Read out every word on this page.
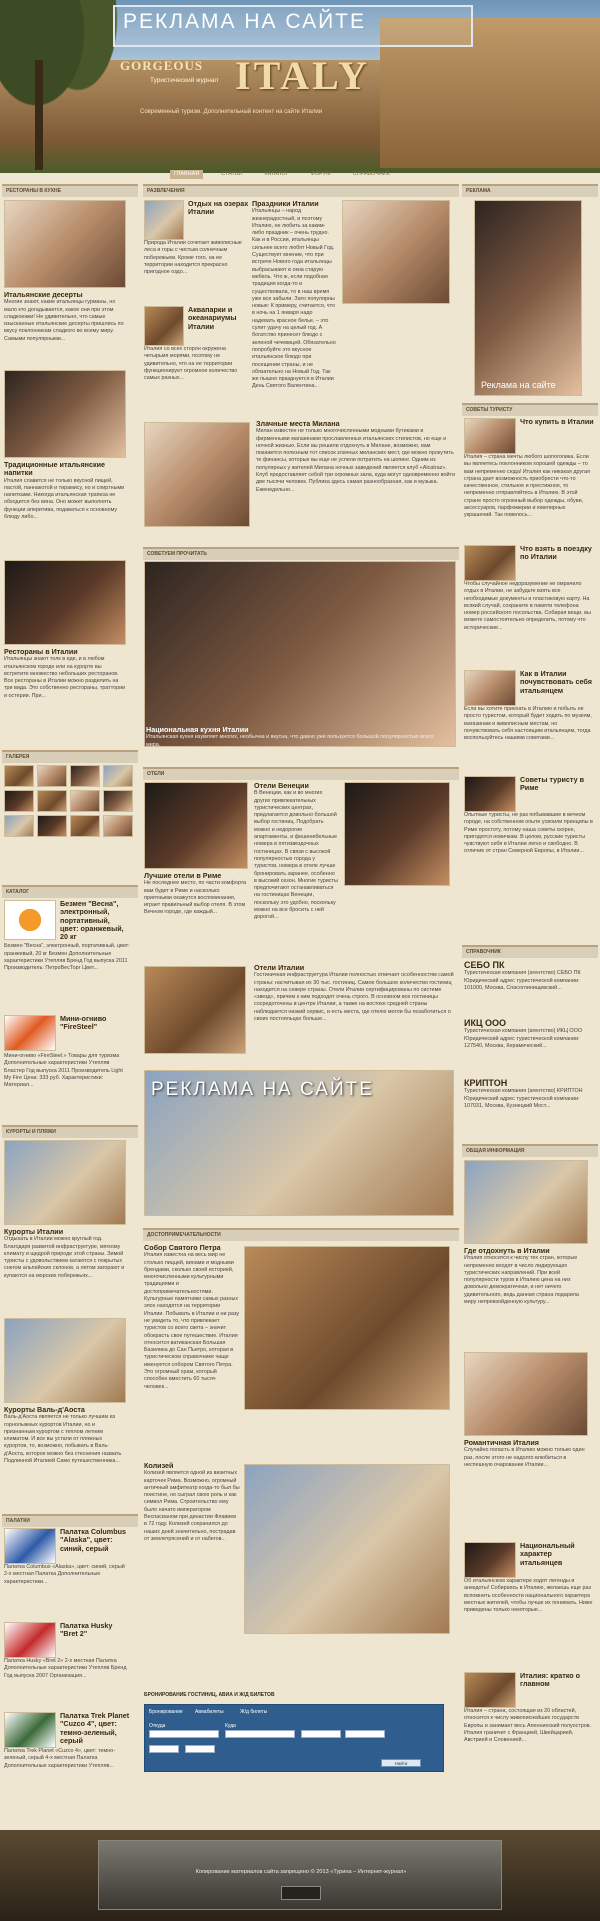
РЕКЛАМА НА САЙТЕ
GORGEOUS ITALY
Туристический журнал
Современный туризм. Дополнительный контент на сайте Италии
ГЛАВНАЯ	СТАТЬИ	КАТАЛОГ	ФОРУМ	СПРАВОЧНИК
РЕСТОРАНЫ В КУХНЕ
Итальянские десерты

Многие знают, какие итальянцы гурманы, но мало кто догадывается, какое они при этом сладкоежки! Не удивительно, что самые изысканные итальянские десерты пришлись по вкусу поклонникам сладкого во всему миру. Самыми популярными...

Традиционные итальянские напитки

Италия славится не только вкусной пищей, пастой, паннакотой и тирамису, но и спиртными напитками. Никогда итальянская трапеза не обходится без вина. Оно может выполнять функции аперитива, подаваться к основному блюду либо...

Рестораны в Италии

Итальянцы знают толк в еде, и в любом итальянском городе или на курорте вы встретите множество небольших ресторанов. Все рестораны в Италии можно разделить на три вида. Это собственно рестораны, траттории и остерии. При...

ГАЛЕРЕЯ
КАТАЛОГ
Безмен "Весна", электронный, портативный, цвет: оранжевый, 20 кг

Безмен "Весна", электронный, портативный, цвет: оранжевый, 20 кг Безмен Дополнительные характеристики Утепляв Бренд Год выпуска 2011 Производитель: ПетроВесТорг Цвет...

Мини-огниво "FireSteel"

Мини-огниво «FireSteel.» Товары для туризма Дополнительные характеристики Утепляв Бластер Год выпуска 2011 Производитель Light My Fire Цена: 333 руб. Характеристики: Материал...

КУРОРТЫ И ПЛЯЖИ
Курорты Италии

Отдыхать в Италии можно круглый год. Благодаря развитой инфраструктуре, мягкому климату и щедрой природе этой страны. Зимой туристы с удовольствием катаются с покрытых снегом альпийских склонов, а летом загорают и купаются на морских побережьях...

Курорты Валь-д'Аоста

Валь-д'Аоста является не только лучшим из горнолыжных курортов Италии, но и признанным курортом с теплом летним климатом. И все вы устали от пляжных курортов, то, возможно, побывать в Валь-д'Аоста, которое можно без стеснения назвать Подлинной Италией Само путешественника...

ПАЛАТКИ
Палатка Columbus "Alaska", цвет: синий, серый

Палатка Columbus «Alaska», цвет: синий, серый 2-х местная Палатка Дополнительные характеристики...

Палатка Husky "Bret 2"

Палатка Husky «Bret 2» 2-х местная Палатка Дополнительные характеристики Утепляв Бренд Год выпуска 2007 Организация...

Палатка Trek Planet "Cuzco 4", цвет: темно-зеленый, серый

Палатка Trek Planet «Cuzco 4», цвет: темно-зеленый, серый 4-х местная Палатка Дополнительные характеристики Утепляв...

РАЗВЛЕЧЕНИЯ
Отдых на озерах Италии

Природа Италии сочетает живописные леса и горы с чистым солнечным побережьем. Кроме того, на ее территории находится прекрасно пригодное оздо...

Аквапарки и океанариумы Италии

Италия со всех сторон окружена четырьмя морями, поэтому не удивительно, что на ее территории функционирует огромное количество самых разных...

Праздники Италии

Итальянцы – народ жизнерадостный, и поэтому Италию, не любить за каким-либо праздник – очень трудно. Как и в России, итальянцы сильнее всего любят Новый Год. Существует мнение, что при встрече Нового года итальянцы выбрасывают в окна старую мебель. Что ж, если подобная традиция когда-то и существовала, то в наш время уже все забыли. Зато популярны новые: К примеру, считается, что в ночь на 1 января надо надевать красное белье, – это сулит удачу на целый год. А богатство принесет блюдо с зеленой чечевицей. Обязательно попробуйте это вкусное итальянское блюдо при посещении страны, и не обязательно на Новый Год. Так же пышно празднуется в Италии День Святого Валентина...

Злачные места Милана

Милан известен не только многочисленными модными бутиками и фирменными магазинами прославленных итальянских стилистов, но еще и ночной жизнью. Если вы решили отдохнуть в Милане, возможно, вам покажется полезным тот список злачных миланских мест, где можно прокутить те финансы, которые вы еще не успели потратить на шопинг. Одним из популярных у жителей Милана ночных заведений является клуб «Alcatraz». Клуб предоставляет себой три огромных зала, куда могут одновременно войти две тысячи человек. Публика здесь самая разнообразная, как и музыка. Еженедельно...

СОВЕТУЕМ ПРОЧИТАТЬ
Национальная кухня Италии

Итальянская кухня изумляет многих, необычна и вкусна, что давно уже пользуется большой популярностью всего мира.

ОТЕЛИ
Лучшие отели в Риме

Не последнее место, по части комфорта вам будет в Риме и насколько приятными окажутся воспоминания, играет правильный выбор отеля. В этом Вечном городе, где каждый...

Отели Венеции

В Венеции, как и во многих других привлекательных туристических центрах, предлагается довольно большой выбор гостиниц. Подобрать можно и недорогие апартаменты, и фешенебельные номера в пятизвездочных гостиницах. В связи с высокой популярностью города у туристов, номера в отеле лучше бронировать заранее, особенно в высокий сезон. Многие туристы предпочитают останавливаться на гостиницах Венеции, поскольку это удобно, поскольку можно на все бросить с ней дорогой...

Отели Италии

Гостиничная инфраструктура Италии полностью отвечает особенностям самой страны: насчитывая их 30 тыс. гостиниц. Самое большое количество гостиниц находится на севере страны. Отели Италии сертифицированы по системе «звезд», причем к ним подходят очень строго. В основном все гостиницы сосредоточены в центре Италии, а также на востоке средней страны наблюдается низкий сервис, и есть места, где отелю могли бы позаботиться о своих постояльцах больше...

РЕКЛАМА НА САЙТЕ
ДОСТОПРИМЕЧАТЕЛЬНОСТИ
Собор Святого Петра

Италия известна на весь мир не столько пиццей, винами и модными брендами, сколько своей историей, многочисленными культурными традициями и достопримечательностями. Культурные памятники самых разных эпох находятся на территории Италии. Побывать в Италии и ни разу не увидеть то, что привлекает туристов со всего света – значит обокрасть свое путешествие. Италия относится ватиканская Большая Базилика до Сан Пьетро, которая в туристическом справочнике чаще именуется собором Святого Петра. Это огромный храм, который способен вместить 60 тысяч человек...

Колизей

Колизей является одной из визитных карточек Рима. Возможно, огромный античный амфитеатр когда-то был бы поистине, но сыграл свою роль и как символ Рима. Строительство ему было начато императором Веспасианом при династии Флавиев в 72 году. Колизей сохранился до наших дней значительно, пострадав от землетрясений и от набегов...

БРОНИРОВАНИЕ ГОСТИНИЦ, АВИА И Ж/Д БИЛЕТОВ
Бронирование Авиабилеты	Ж/д билеты
Откуда	Куда
Найти
РЕКЛАМА
Реклама на сайте
СОВЕТЫ ТУРИСТУ
Что купить в Италии

Италия – страна мечты любого шопоголика. Если вы являетесь поклонником хорошей одежды – то вам непременно сюда! Италия как никакая другая страна дает возможность приобрести что-то качественное, стильное и престижное, то непременно отправляйтесь в Италию. В этой стране просто огромный выбор одежды, обуви, аксессуаров, парфюмерии и ювелирных украшений. Так повелось...

Что взять в поездку по Италии

Чтобы случайное недоразумение не омрачило отдых в Италии, не забудьте взять все необходимые документы и пластиковую карту. На всякий случай, сохраните в памяти телефона номер российского посольства. Собирая вещи, вы можете самостоятельно определить, потому что исторические...

Как в Италии почувствовать себя итальянцем

Если вы хотите приехать в Италию и побыть не просто туристом, который будет ходить по музеям, магазинам и живописным местам, но почувствовать себя настоящим итальянцем, тогда воспользуйтесь нашими советами...

Советы туристу в Риме

Опытные туристы, не раз побывавшие в вечном городе, на собственном опыте усвоили принципы в Риме простоту, потому наша советы скорее, пригодятся новичкам. В целом, русские туристы чувствуют себя в Италии легко и свободно. В отличие от стран Северной Европы, в Италии...

СПРАВОЧНИК
СЕБО ПК

Туристическая компания (агентство) СЕБО ПК Юридический адрес туристической компании: 101000, Москва, Спасоглинищевский...

ИКЦ ООО

Туристическая компания (агентство) ИКЦ ООО Юридический адрес туристической компании: 127540, Москва, Керамический...

КРИПТОН

Туристическая компания (агентство) КРИПТОН Юридический адрес туристической компании: 107031, Москва, Кузнецкий Мост...

ОБЩАЯ ИНФОРМАЦИЯ
Где отдохнуть в Италии

Италия относится к числу тех стран, которые непременно входят в число лидирующих туристических направлений. При всей популярности туров в Италию цена на них довольно демократичная, и нет ничего удивительного, ведь данная страна подарила миру непревзойденную культуру...

Романтичная Италия

Случайно попасть в Италию можно только один раз, после этого не надолго влюбиться в неспешную очарование Италии...

Национальный характер итальянцев

Об итальянском характере ходят легенды и анекдоты! Собираясь в Италию, желаешь еще раз вспомнить особенности национального характера местных жителей, чтобы лучше их понимать. Ниже приведены только некоторые...

Италия: кратко о главном

Италия – страна, состоящая из 20 областей, относится к числу живописнейших государств Европы и занимает весь Апеннинский полуостров. Италия граничит с Францией, Швейцарией, Австрией и Словенией...

Копирование материалов сайта запрещено © 2013 «Турина – Интернет-журнал»
